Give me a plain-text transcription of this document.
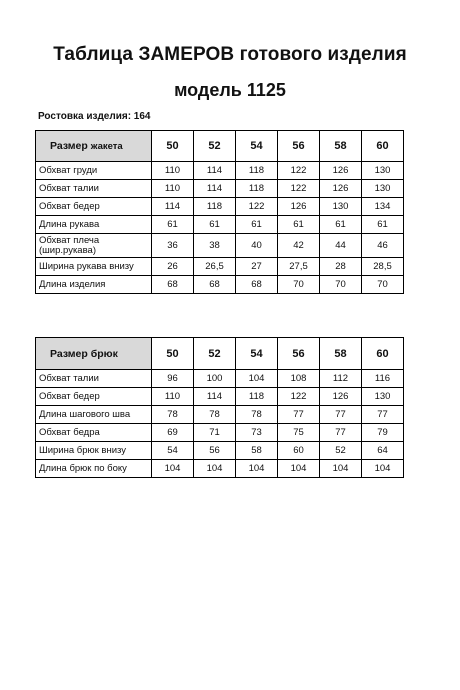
Таблица ЗАМЕРОВ готового изделия
модель 1125
Ростовка изделия: 164
Размер жакета	50	52	54	56	58	60
Обхват груди	110	114	118	122	126	130
Обхват талии	110	114	118	122	126	130
Обхват бедер	114	118	122	126	130	134
Длина рукава	61	61	61	61	61	61
Обхват плеча (шир.рукава)	36	38	40	42	44	46
Ширина рукава внизу	26	26,5	27	27,5	28	28,5
Длина изделия	68	68	68	70	70	70
Размер брюк	50	52	54	56	58	60
Обхват талии	96	100	104	108	112	116
Обхват бедер	110	114	118	122	126	130
Длина шагового шва	78	78	78	77	77	77
Обхват бедра	69	71	73	75	77	79
Ширина брюк внизу	54	56	58	60	52	64
Длина брюк по боку	104	104	104	104	104	104
